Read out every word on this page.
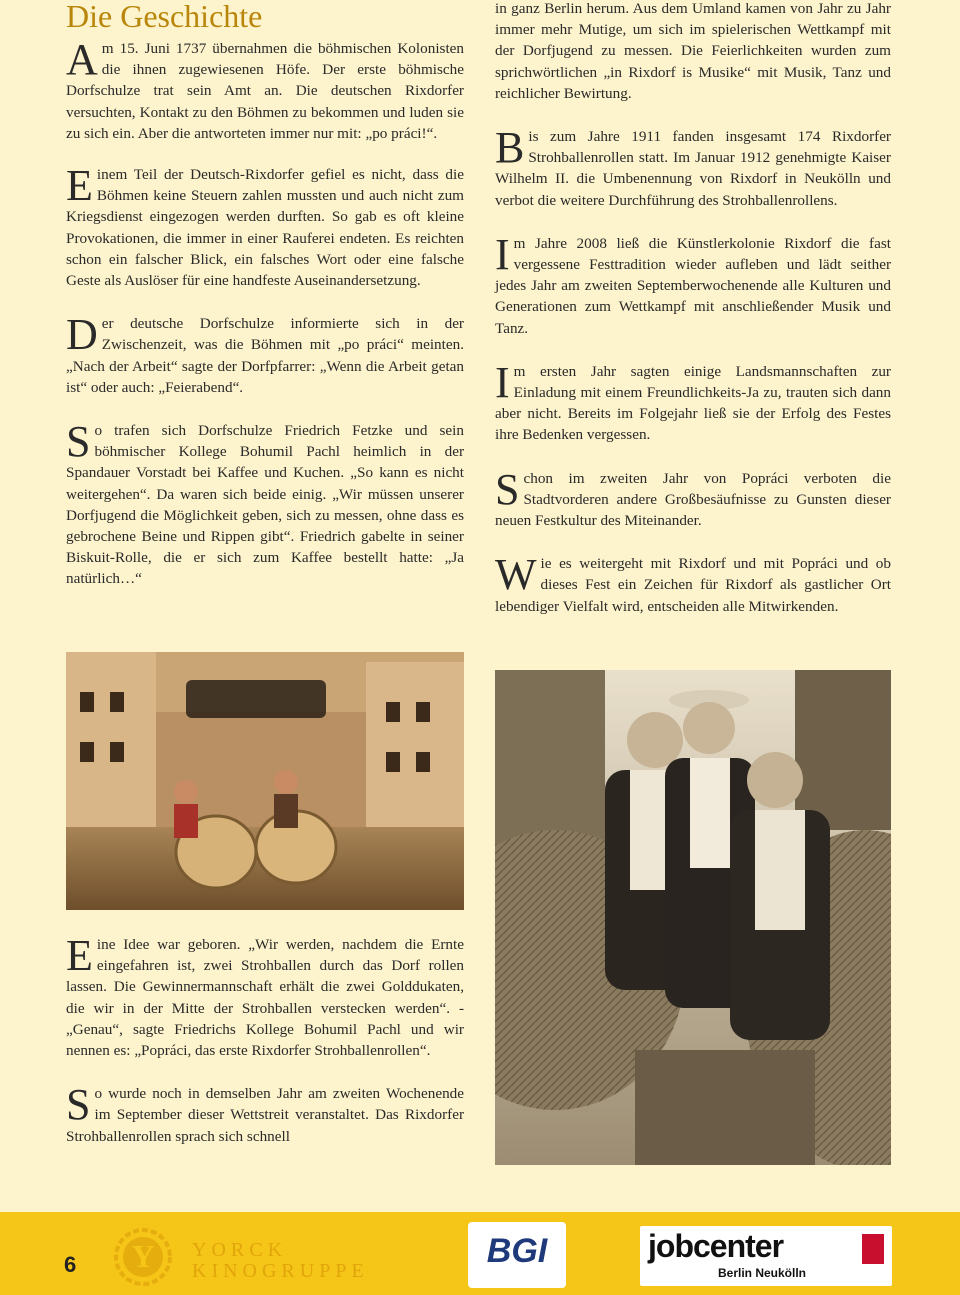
Die Geschichte

Am 15. Juni 1737 übernahmen die böhmischen Kolonisten die ihnen zugewiesenen Höfe. Der erste böhmische Dorfschulze trat sein Amt an. Die deutschen Rixdorfer versuchten, Kontakt zu den Böhmen zu bekommen und luden sie zu sich ein. Aber die antworteten immer nur mit: „po práci!“.

Einem Teil der Deutsch-Rixdorfer gefiel es nicht, dass die Böhmen keine Steuern zahlen mussten und auch nicht zum Kriegsdienst eingezogen werden durften. So gab es oft kleine Provokationen, die immer in einer Rauferei endeten. Es reichten schon ein falscher Blick, ein falsches Wort oder eine falsche Geste als Auslöser für eine handfeste Auseinandersetzung.

Der deutsche Dorfschulze informierte sich in der Zwischenzeit, was die Böhmen mit „po práci“ meinten. „Nach der Arbeit“ sagte der Dorfpfarrer: „Wenn die Arbeit getan ist“ oder auch: „Feierabend“.

So trafen sich Dorfschulze Friedrich Fetzke und sein böhmischer Kollege Bohumil Pachl heimlich in der Spandauer Vorstadt bei Kaffee und Kuchen. „So kann es nicht weitergehen“. Da waren sich beide einig. „Wir müssen unserer Dorfjugend die Möglichkeit geben, sich zu messen, ohne dass es gebrochene Beine und Rippen gibt“. Friedrich gabelte in seiner Biskuit-Rolle, die er sich zum Kaffee bestellt hatte: „Ja natürlich…“

Eine Idee war geboren. „Wir werden, nachdem die Ernte eingefahren ist, zwei Strohballen durch das Dorf rollen lassen. Die Gewinnermannschaft erhält die zwei Golddukaten, die wir in der Mitte der Strohballen verstecken werden“. - „Genau“, sagte Friedrichs Kollege Bohumil Pachl und wir nennen es: „Popráci, das erste Rixdorfer Strohballenrollen“.

So wurde noch in demselben Jahr am zweiten Wochenende im September dieser Wettstreit veranstaltet. Das Rixdorfer Strohballenrollen sprach sich schnell

in ganz Berlin herum. Aus dem Umland kamen von Jahr zu Jahr immer mehr Mutige, um sich im spielerischen Wettkampf mit der Dorfjugend zu messen. Die Feierlichkeiten wurden zum sprichwörtlichen „in Rixdorf is Musike“ mit Musik, Tanz und reichlicher Bewirtung.

Bis zum Jahre 1911 fanden insgesamt 174 Rixdorfer Strohballenrollen statt. Im Januar 1912 genehmigte Kaiser Wilhelm II. die Umbenennung von Rixdorf in Neukölln und verbot die weitere Durchführung des Strohballenrollens.

Im Jahre 2008 ließ die Künstlerkolonie Rixdorf die fast vergessene Festtradition wieder aufleben und lädt seither jedes Jahr am zweiten Septemberwochenende alle Kulturen und Generationen zum Wettkampf mit anschließender Musik und Tanz.

Im ersten Jahr sagten einige Landsmannschaften zur Einladung mit einem Freundlichkeits-Ja zu, trauten sich dann aber nicht. Bereits im Folgejahr ließ sie der Erfolg des Festes ihre Bedenken vergessen.

Schon im zweiten Jahr von Popráci verboten die Stadtvorderen andere Großbesäufnisse zu Gunsten dieser neuen Festkultur des Miteinander.

Wie es weitergeht mit Rixdorf und mit Popráci und ob dieses Fest ein Zeichen für Rixdorf als gastlicher Ort lebendiger Vielfalt wird, entscheiden alle Mitwirkenden.

6	Y	YORCK
KINOGRUPPE
BGI	jobcenter
Berlin Neukölln
